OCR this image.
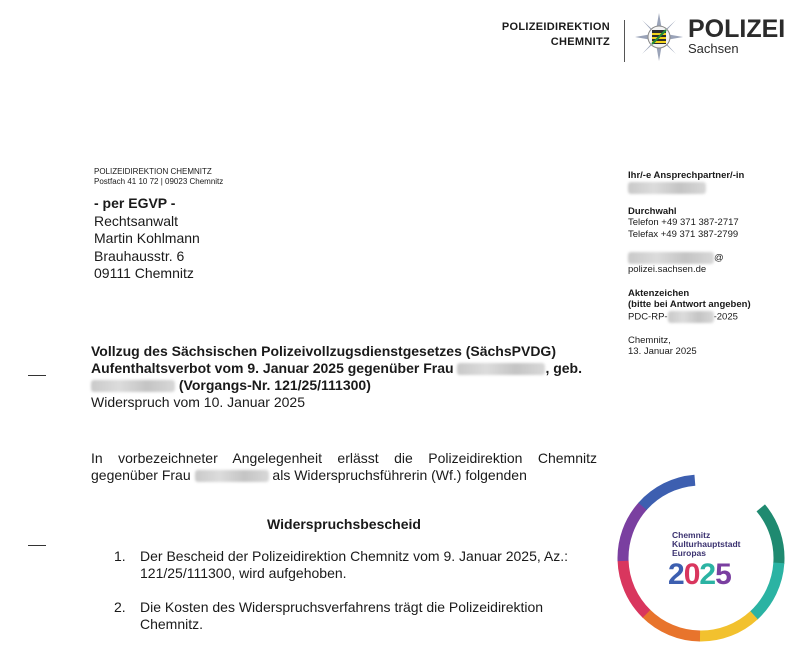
POLIZEIDIREKTION
CHEMNITZ	POLIZEI
Sachsen
POLIZEIDIREKTION CHEMNITZ
Postfach 41 10 72 | 09023 Chemnitz
- per EGVP -
Rechtsanwalt
Martin Kohlmann
Brauhausstr. 6
09111 Chemnitz
Ihr/-e Ansprechpartner/-in
Durchwahl
Telefon +49 371 387-2717
Telefax +49 371 387-2799
@
polizei.sachsen.de
Aktenzeichen
(bitte bei Antwort angeben)
PDC-RP-	-2025
Chemnitz,
13. Januar 2025
Vollzug des Sächsischen Polizeivollzugsdienstgesetzes (SächsPVDG)
Aufenthaltsverbot vom 9. Januar 2025 gegenüber Frau	, geb.
(Vorgangs-Nr. 121/25/111300)
Widerspruch vom 10. Januar 2025
In vorbezeichneter Angelegenheit erlässt die Polizeidirektion Chemnitz gegenüber Frau	als Widerspruchsführerin (Wf.) folgenden
Widerspruchsbescheid
1.	Der Bescheid der Polizeidirektion Chemnitz vom 9. Januar 2025, Az.: 121/25/111300, wird aufgehoben.
2.	Die Kosten des Widerspruchsverfahrens trägt die Polizeidirektion Chemnitz.
Chemnitz
Kulturhauptstadt
Europas
2025
